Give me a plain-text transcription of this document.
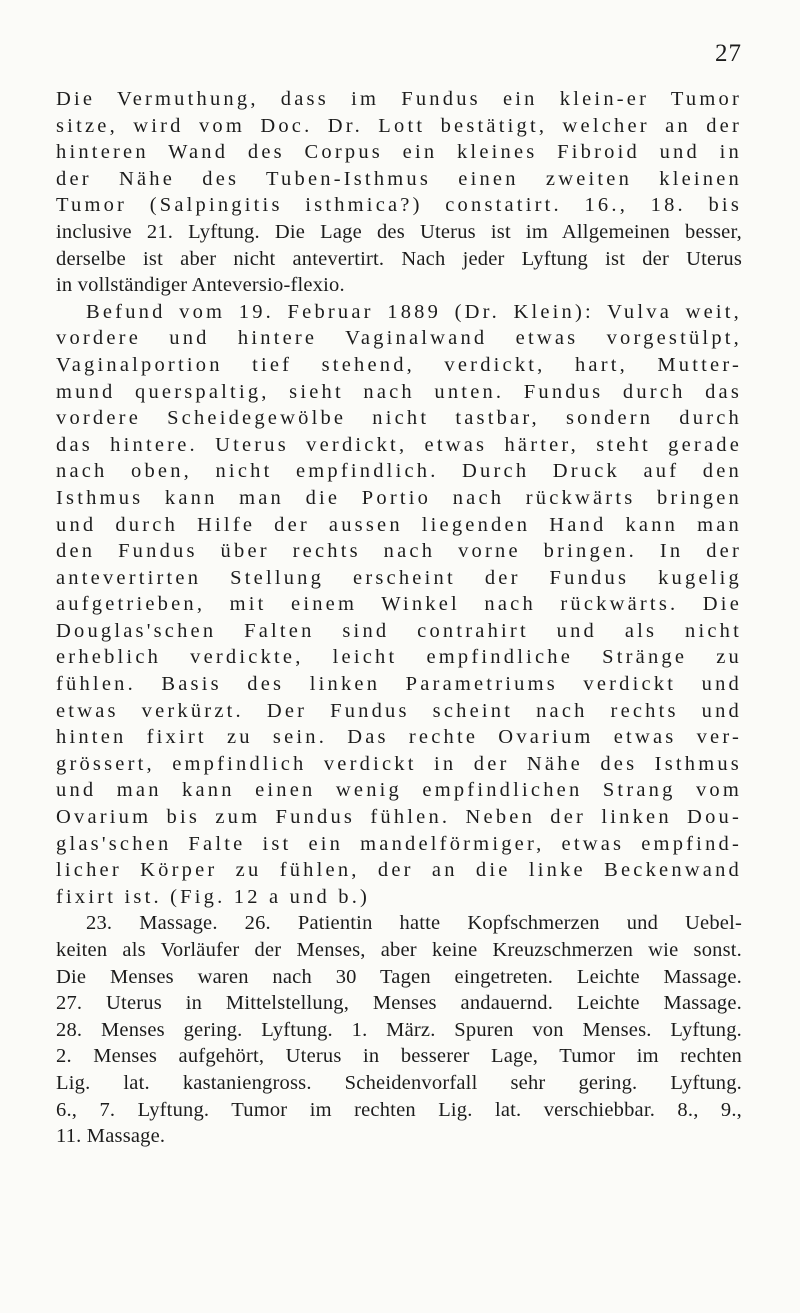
27
Die Vermuthung, dass im Fundus ein klein-er Tumor
sitze, wird vom Doc. Dr. Lott bestätigt, welcher an der
hinteren Wand des Corpus ein kleines Fibroid und in
der Nähe des Tuben-Isthmus einen zweiten kleinen
Tumor (Salpingitis isthmica?) constatirt. 16., 18. bis
inclusive 21. Lyftung. Die Lage des Uterus ist im Allgemeinen besser,
derselbe ist aber nicht antevertirt. Nach jeder Lyftung ist der Uterus
in vollständiger Anteversio-flexio.
Befund vom 19. Februar 1889 (Dr. Klein): Vulva weit,
vordere und hintere Vaginalwand etwas vorgestülpt,
Vaginalportion tief stehend, verdickt, hart, Mutter-
mund querspaltig, sieht nach unten. Fundus durch das
vordere Scheidegewölbe nicht tastbar, sondern durch
das hintere. Uterus verdickt, etwas härter, steht gerade
nach oben, nicht empfindlich. Durch Druck auf den
Isthmus kann man die Portio nach rückwärts bringen
und durch Hilfe der aussen liegenden Hand kann man
den Fundus über rechts nach vorne bringen. In der
antevertirten Stellung erscheint der Fundus kugelig
aufgetrieben, mit einem Winkel nach rückwärts. Die
Douglas'schen Falten sind contrahirt und als nicht
erheblich verdickte, leicht empfindliche Stränge zu
fühlen. Basis des linken Parametriums verdickt und
etwas verkürzt. Der Fundus scheint nach rechts und
hinten fixirt zu sein. Das rechte Ovarium etwas ver-
grössert, empfindlich verdickt in der Nähe des Isthmus
und man kann einen wenig empfindlichen Strang vom
Ovarium bis zum Fundus fühlen. Neben der linken Dou-
glas'schen Falte ist ein mandelförmiger, etwas empfind-
licher Körper zu fühlen, der an die linke Beckenwand
fixirt ist. (Fig. 12 a und b.)
23. Massage. 26. Patientin hatte Kopfschmerzen und Uebel-
keiten als Vorläufer der Menses, aber keine Kreuzschmerzen wie sonst.
Die Menses waren nach 30 Tagen eingetreten. Leichte Massage.
27. Uterus in Mittelstellung, Menses andauernd. Leichte Massage.
28. Menses gering. Lyftung. 1. März. Spuren von Menses. Lyftung.
2. Menses aufgehört, Uterus in besserer Lage, Tumor im rechten
Lig. lat. kastaniengross. Scheidenvorfall sehr gering. Lyftung.
6., 7. Lyftung. Tumor im rechten Lig. lat. verschiebbar. 8., 9.,
11. Massage.
